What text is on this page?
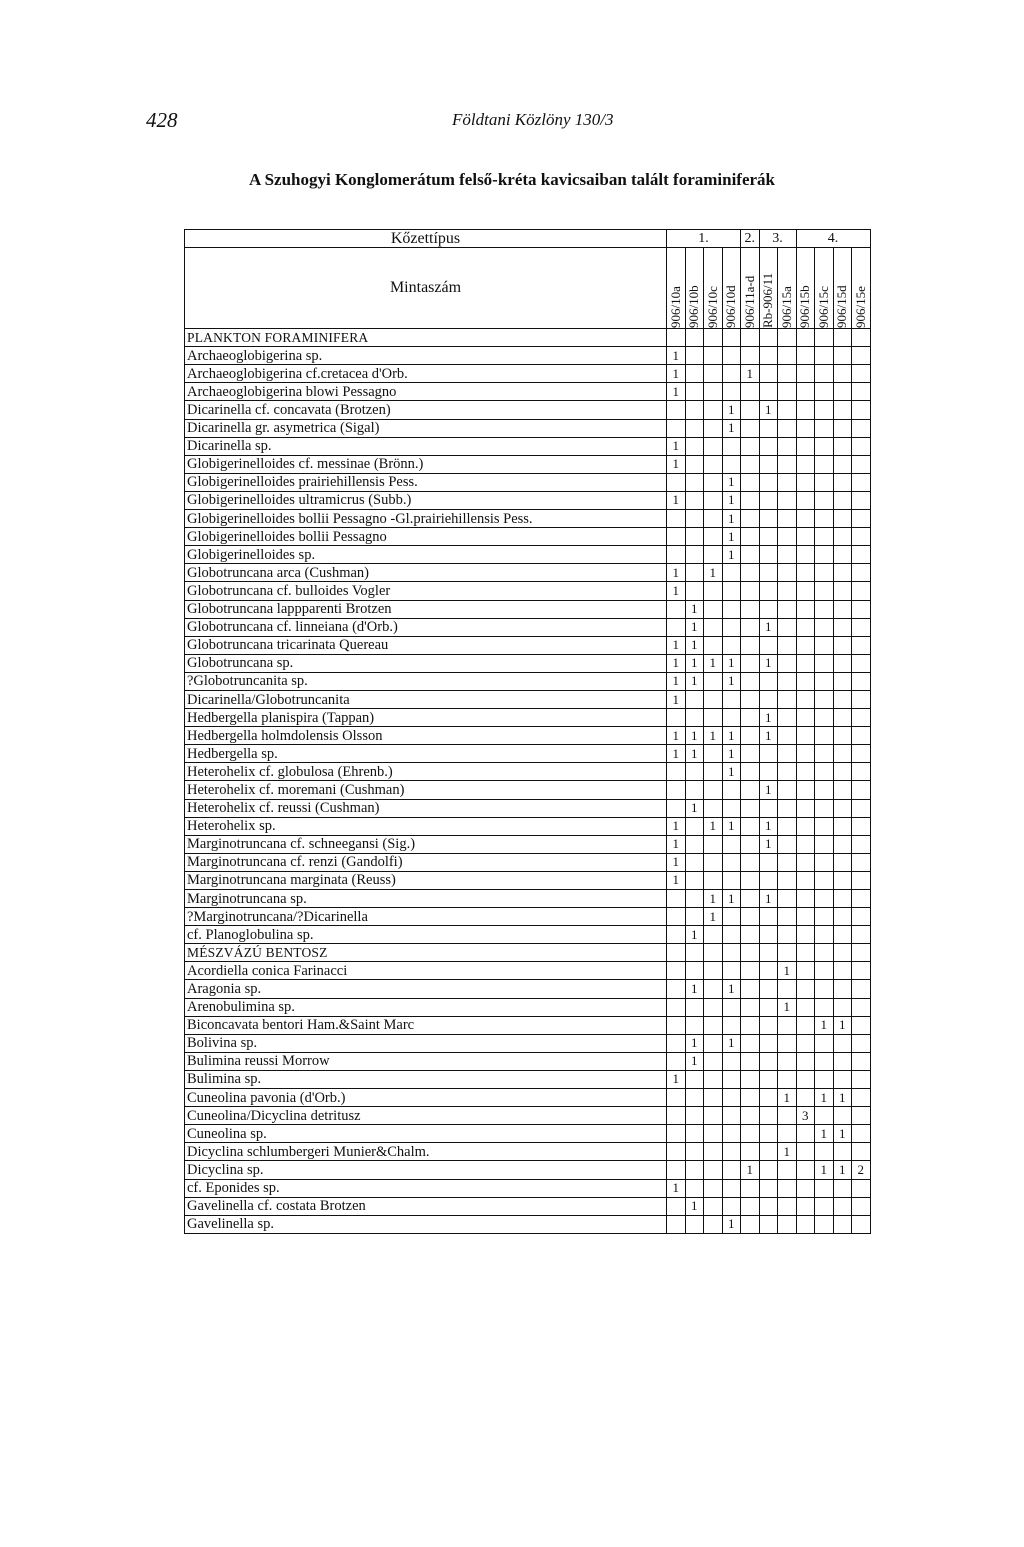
428	Földtani Közlöny 130/3
A Szuhogyi Konglomerátum felső-kréta kavicsaiban talált foraminiferák
Kőzettípus	1.				2.	3.		4.			
Mintaszám	906/10a	906/10b	906/10c	906/10d	906/11a-d	Rb-906/11	906/15a	906/15b	906/15c	906/15d	906/15e

PLANKTON FORAMINIFERA											
Archaeoglobigerina sp.	1										
Archaeoglobigerina cf.cretacea d'Orb.	1				1						
Archaeoglobigerina blowi Pessagno	1										
Dicarinella cf. concavata (Brotzen)				1		1					
Dicarinella gr. asymetrica (Sigal)				1							
Dicarinella sp.	1										
Globigerinelloides cf. messinae (Brönn.)	1										
Globigerinelloides prairiehillensis Pess.				1							
Globigerinelloides ultramicrus (Subb.)	1			1							
Globigerinelloides bollii Pessagno -Gl.prairiehillensis Pess.				1							
Globigerinelloides bollii Pessagno				1							
Globigerinelloides sp.				1							
Globotruncana arca (Cushman)	1		1								
Globotruncana cf. bulloides Vogler	1										
Globotruncana lappparenti Brotzen		1									
Globotruncana cf. linneiana (d'Orb.)		1				1					
Globotruncana tricarinata Quereau	1	1									
Globotruncana sp.	1	1	1	1		1					
?Globotruncanita sp.	1	1		1							
Dicarinella/Globotruncanita	1										
Hedbergella planispira (Tappan)						1					
Hedbergella holmdolensis Olsson	1	1	1	1		1					
Hedbergella sp.	1	1		1							
Heterohelix cf. globulosa (Ehrenb.)				1							
Heterohelix cf. moremani (Cushman)						1					
Heterohelix cf. reussi (Cushman)		1									
Heterohelix sp.	1		1	1		1					
Marginotruncana cf. schneegansi (Sig.)	1					1					
Marginotruncana cf. renzi (Gandolfi)	1										
Marginotruncana marginata (Reuss)	1										
Marginotruncana sp.			1	1		1					
?Marginotruncana/?Dicarinella			1								
cf. Planoglobulina sp.		1									
MÉSZVÁZÚ BENTOSZ											
Acordiella conica Farinacci							1				
Aragonia sp.		1		1							
Arenobulimina sp.							1				
Biconcavata bentori Ham.&Saint Marc									1	1	
Bolivina sp.		1		1							
Bulimina reussi Morrow		1									
Bulimina sp.	1										
Cuneolina pavonia (d'Orb.)							1		1	1	
Cuneolina/Dicyclina detritusz								3			
Cuneolina sp.									1	1	
Dicyclina schlumbergeri Munier&Chalm.							1				
Dicyclina sp.					1				1	1	2
cf. Eponides sp.	1										
Gavelinella cf. costata Brotzen		1									
Gavelinella sp.				1							
